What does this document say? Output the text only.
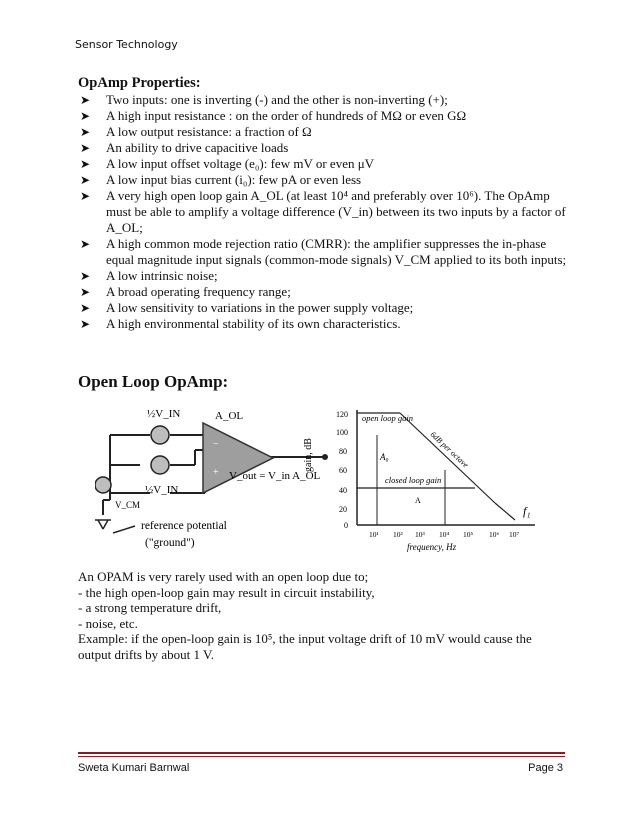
Sensor Technology
OpAmp Properties:
➤ Two inputs: one is inverting (-) and the other is non-inverting (+);
➤ A high input resistance : on the order of hundreds of MΩ or even GΩ
➤ A low output resistance: a fraction of Ω
➤ An ability to drive capacitive loads
➤ A low input offset voltage (e₀): few mV or even μV
➤ A low input bias current (i₀): few pA or even less
➤ A very high open loop gain A_OL (at least 10⁴ and preferably over 10⁶). The OpAmp must be able to amplify a voltage difference (V_in) between its two inputs by a factor of A_OL;
➤ A high common mode rejection ratio (CMRR): the amplifier suppresses the in-phase equal magnitude input signals (common-mode signals) V_CM applied to its both inputs;
➤ A low intrinsic noise;
➤ A broad operating frequency range;
➤ A low sensitivity to variations in the power supply voltage;
➤ A high environmental stability of its own characteristics.
Open Loop OpAmp:
−
+
½V_IN	A_OL
V_out = V_in A_OL
½V_IN
V_CM
reference potential
("ground")
gain, dB
120
100
80
60
40
20
0
open loop gain
6dB per octave
A₀
closed loop gain
A
f₁
10¹ 10² 10³ 10⁴ 10⁵ 10⁶ 10⁷
frequency, Hz

An OPAM is very rarely used with an open loop due to;

- the high open-loop gain may result in circuit instability,

- a strong temperature drift,

- noise, etc.

Example: if the open-loop gain is 10⁵, the input voltage drift of 10 mV would cause the output drifts by about 1 V.

Sweta Kumari Barnwal	Page 3
